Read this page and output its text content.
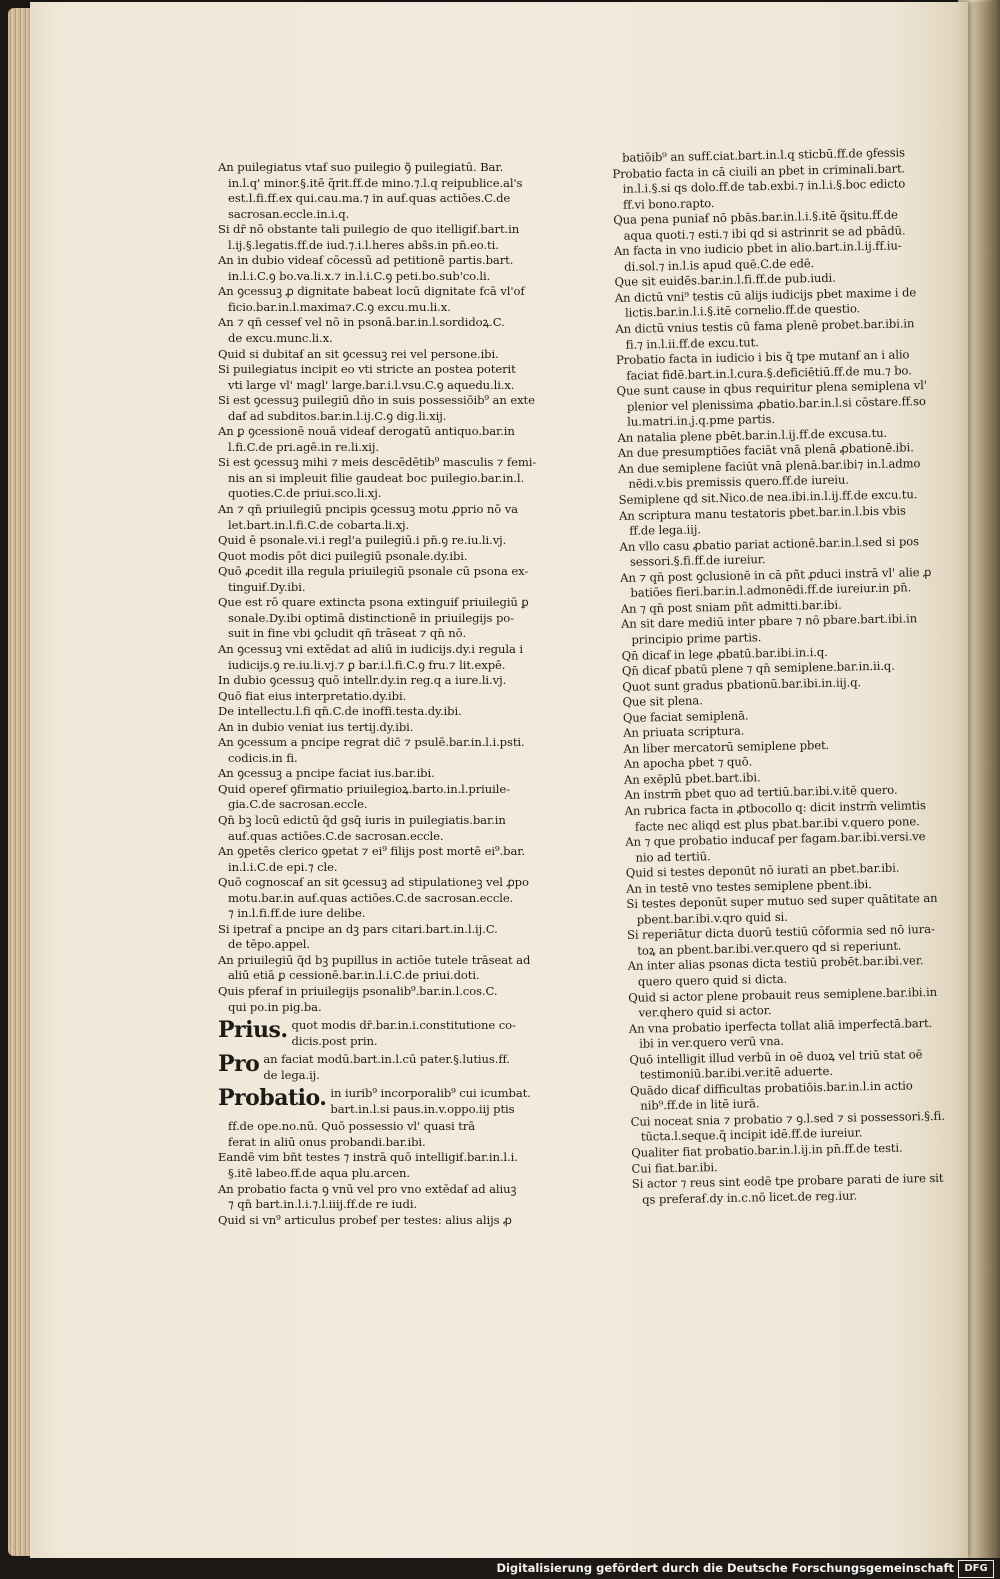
An puilegiatus vtaẜ suo puilegio ꝯ͂ puilegiatū. Bar.
in.l.q' minor.§.itē q̃rit.ff.de mino.⁊.l.q reipublice.al's
est.l.fi.ff.ex qui.cau.ma.⁊ in auẜ.quas actiões.C.de
sacrosan.eccle.in.i.q.
Si dr̄ nō obstante tali puilegio de quo itelligiẜ.bart.in
l.ij.§.legatis.ff.de iud.⁊.i.l.heres abs̄s.in pn̄.eo.ti.
An in dubio videaẜ cōcessū ad petitionē partis.bart.
in.l.i.C.ꝯ bo.va.li.x.⁊ in.l.i.C.ꝯ peti.bo.sub'co.li.
An ꝯcessuꝫ ꝓ dignitate babeat locū dignitate fcā vl'of
ficio.bar.in.l.maxima⁊.C.ꝯ excu.mu.li.x.
An ⁊ qn̄ cesseẜ vel nō in psonā.bar.in.l.sordidoꝝ.C.
de excu.munc.li.x.
Quid si dubitaẜ an sit ꝯcessuꝫ rei vel persone.ibi.
Si puilegiatus incipit eo vti stricte an postea poterit
vti large vl' magl' large.bar.i.l.vsu.C.ꝯ aquedu.li.x.
Si est ꝯcessuꝫ puilegiū dn̄o in suis possessiōib⁹ an exte
daẜ ad subditos.bar.in.l.ij.C.ꝯ dig.li.xij.
An ꝑ ꝯcessionē nouā videaẜ derogatū antiquo.bar.in
l.fi.C.de pri.agē.in re.li.xij.
Si est ꝯcessuꝫ mihi ⁊ meis descēdētib⁹ masculis ⁊ femi-
nis an si impleuit filie gaudeat boc puilegio.bar.in.l.
quoties.C.de priui.sco.li.xj.
An ⁊ qn̄ priuilegiū pncipis ꝯcessuꝫ motu ꝓprio nō va
let.bart.in.l.fi.C.de cobarta.li.xj.
Quid ē psonale.vi.i regl'a puilegiū.i pn̄.ꝯ re.iu.li.vj.
Quot modis pōt dici puilegiū psonale.dy.ibi.
Quō ꝓcedit illa regula priuilegiū psonale cū psona ex-
tinguiẜ.Dy.ibi.
Que est rō quare extincta psona extinguiẜ priuilegiū ꝑ
sonale.Dy.ibi optimā distinctionē in priuilegijs po-
suit in fine vbi ꝯcludit qn̄ trāseat ⁊ qn̄ nō.
An ꝯcessuꝫ vni extēdat ad aliū in iudicijs.dy.i regula i
iudicijs.ꝯ re.iu.li.vj.⁊ ꝑ bar.i.l.fi.C.ꝯ fru.⁊ lit.expē.
In dubio ꝯcessuꝫ quō intellr.dy.in reg.q a iure.li.vj.
Quō fiat eius interpretatio.dy.ibi.
De intellectu.l.fi qn̄.C.de inoffi.testa.dy.ibi.
An in dubio veniat ius tertij.dy.ibi.
An ꝯcessum a pncipe regrat dic̄ ⁊ psulē.bar.in.l.i.psti.
codicis.in fi.
An ꝯcessuꝫ a pncipe faciat ius.bar.ibi.
Quid opereẜ ꝯfirmatio priuilegioꝝ.barto.in.l.priuile-
gia.C.de sacrosan.eccle.
Qn̄ bꝫ locū edictū q̄d gsq̄ iuris in puilegiatis.bar.in
auẜ.quas actiōes.C.de sacrosan.eccle.
An ꝯpetēs clerico ꝯpetat ⁊ ei⁹ filijs post mortē ei⁹.bar.
in.l.i.C.de epi.⁊ cle.
Quō cognoscaẜ an sit ꝯcessuꝫ ad stipulationeꝫ vel ꝓpo
motu.bar.in auẜ.quas actiōes.C.de sacrosan.eccle.
⁊ in.l.fi.ff.de iure delibe.
Si ipetraẜ a pncipe an dꝫ pars citari.bart.in.l.ij.C.
de tēpo.appel.
An priuilegiū q̄d bꝫ pupillus in actiōe tutele trāseat ad
aliū etiā ꝑ cessionē.bar.in.l.i.C.de priui.doti.
Quis pferaẜ in priuilegijs psonalib⁹.bar.in.l.cos.C.
qui po.in pig.ba.
Prius. quot modis dr̄.bar.in.i.constitutione co-
dicis.post prin.
Pro an faciat modū.bart.in.l.cū pater.§.lutius.ff.
de lega.ij.
Probatio. in iurib⁹ incorporalib⁹ cui icumbat.
bart.in.l.si paus.in.v.oppo.iij ptis
ff.de ope.no.nū. Quō possessio vl' quasi trā
ferat in aliū onus probandi.bar.ibi.
Eandē vim bn̄t testes ⁊ instrā quō intelligiẜ.bar.in.l.i.
§.itē labeo.ff.de aqua plu.arcen.
An probatio facta ꝯ vnū vel pro vno extēdaẜ ad aliuꝫ
⁊ qn̄ bart.in.l.i.⁊.l.iiij.ff.de re iudi.
Quid si vn⁹ articulus probeẜ per testes: alius alijs ꝓ
batiōib⁹ an suff.ciat.bart.in.l.q sticbū.ff.de ꝯfessis
Probatio facta in cā ciuili an pbet in criminali.bart.
in.l.i.§.si qs dolo.ff.de tab.exbi.⁊ in.l.i.§.boc edicto
ff.vi bono.rapto.
Qua pena puniaẜ nō pbās.bar.in.l.i.§.itē q̃situ.ff.de
aqua quoti.⁊ esti.⁊ ibi qd si astrinrit se ad pbādū.
An facta in vno iudicio pbet in alio.bart.in.l.ij.ff.iu-
di.sol.⁊ in.l.is apud quē.C.de edē.
Que sit euidēs.bar.in.l.fi.ff.de pub.iudi.
An dictū vni⁹ testis cū alijs iudicijs pbet maxime i de
lictis.bar.in.l.i.§.itē cornelio.ff.de questio.
An dictū vnius testis cū fama plenē probet.bar.ibi.in
fi.⁊ in.l.ii.ff.de excu.tut.
Probatio facta in iudicio i bis q̃ tpe mutanẜ an i alio
faciat fidē.bart.in.l.cura.§.deficiētiū.ff.de mu.⁊ bo.
Que sunt cause in qbus requiritur plena semiplena vl'
plenior vel plenissima ꝓbatio.bar.in.l.si cōstare.ff.so
lu.matri.in.j.q.pme partis.
An natalia plene pbēt.bar.in.l.ij.ff.de excusa.tu.
An due presumptiōes faciāt vnā plenā ꝓbationē.ibi.
An due semiplene faciūt vnā plenā.bar.ibi⁊ in.l.admo
nēdi.v.bis premissis quero.ff.de iureiu.
Semiplene qd sit.Nico.de nea.ibi.in.l.ij.ff.de excu.tu.
An scriptura manu testatoris pbet.bar.in.l.bis vbis
ff.de lega.iij.
An vllo casu ꝓbatio pariat actionē.bar.in.l.sed si pos
sessori.§.fi.ff.de iureiur.
An ⁊ qn̄ post ꝯclusionē in cā pñt ꝓduci instrā vl' alie ꝓ
batiōes fieri.bar.in.l.admonēdi.ff.de iureiur.in pn̄.
An ⁊ qn̄ post sniam pñt admitti.bar.ibi.
An sit dare mediū inter pbare ⁊ nō pbare.bart.ibi.in
principio prime partis.
Qn̄ dicaẜ in lege ꝓbatū.bar.ibi.in.i.q.
Qn̄ dicaẜ pbatū plene ⁊ qn̄ semiplene.bar.in.ii.q.
Quot sunt gradus pbationū.bar.ibi.in.iij.q.
Que sit plena.
Que faciat semiplenā.
An priuata scriptura.
An liber mercatorū semiplene pbet.
An apocha pbet ⁊ quō.
An exēplū pbet.bart.ibi.
An instrm̄ pbet quo ad tertiū.bar.ibi.v.itē quero.
An rubrica facta in ꝓtbocollo q: dicit instrm̄ velimtis
facte nec aliqd est plus pbat.bar.ibi v.quero pone.
An ⁊ que probatio inducaẜ per fagam.bar.ibi.versi.ve
nio ad tertiū.
Quid si testes deponūt nō iurati an pbet.bar.ibi.
An in testē vno testes semiplene pbent.ibi.
Si testes deponūt super mutuo sed super quātitate an
pbent.bar.ibi.v.qro quid si.
Si reperiātur dicta duorū testiū cōformia sed nō iura-
toꝝ an pbent.bar.ibi.ver.quero qd si reperiunt.
An inter alias psonas dicta testiū probēt.bar.ibi.ver.
quero quero quid si dicta.
Quid si actor plene probauit reus semiplene.bar.ibi.in
ver.qhero quid si actor.
An vna probatio iperfecta tollat aliā imperfectā.bart.
ibi in ver.quero verū vna.
Quō intelligit illud verbū in oē duoꝝ vel triū stat oē
testimoniū.bar.ibi.ver.itē aduerte.
Quādo dicaẜ difficultas probatiōis.bar.in.l.in actio
nib⁹.ff.de in litē iurā.
Cui noceat snia ⁊ probatio ⁊ ꝯ.l.sed ⁊ si possessori.§.fi.
tūcta.l.seque.q̃ incipit idē.ff.de iureiur.
Qualiter fiat probatio.bar.in.l.ij.in pn̄.ff.de testi.
Cui fiat.bar.ibi.
Si actor ⁊ reus sint eodē tpe probare parati de iure sit
qs preferaẜ.dy in.c.nō licet.de reg.iur.
Digitalisierung gefördert durch die Deutsche Forschungsgemeinschaft	DFG
